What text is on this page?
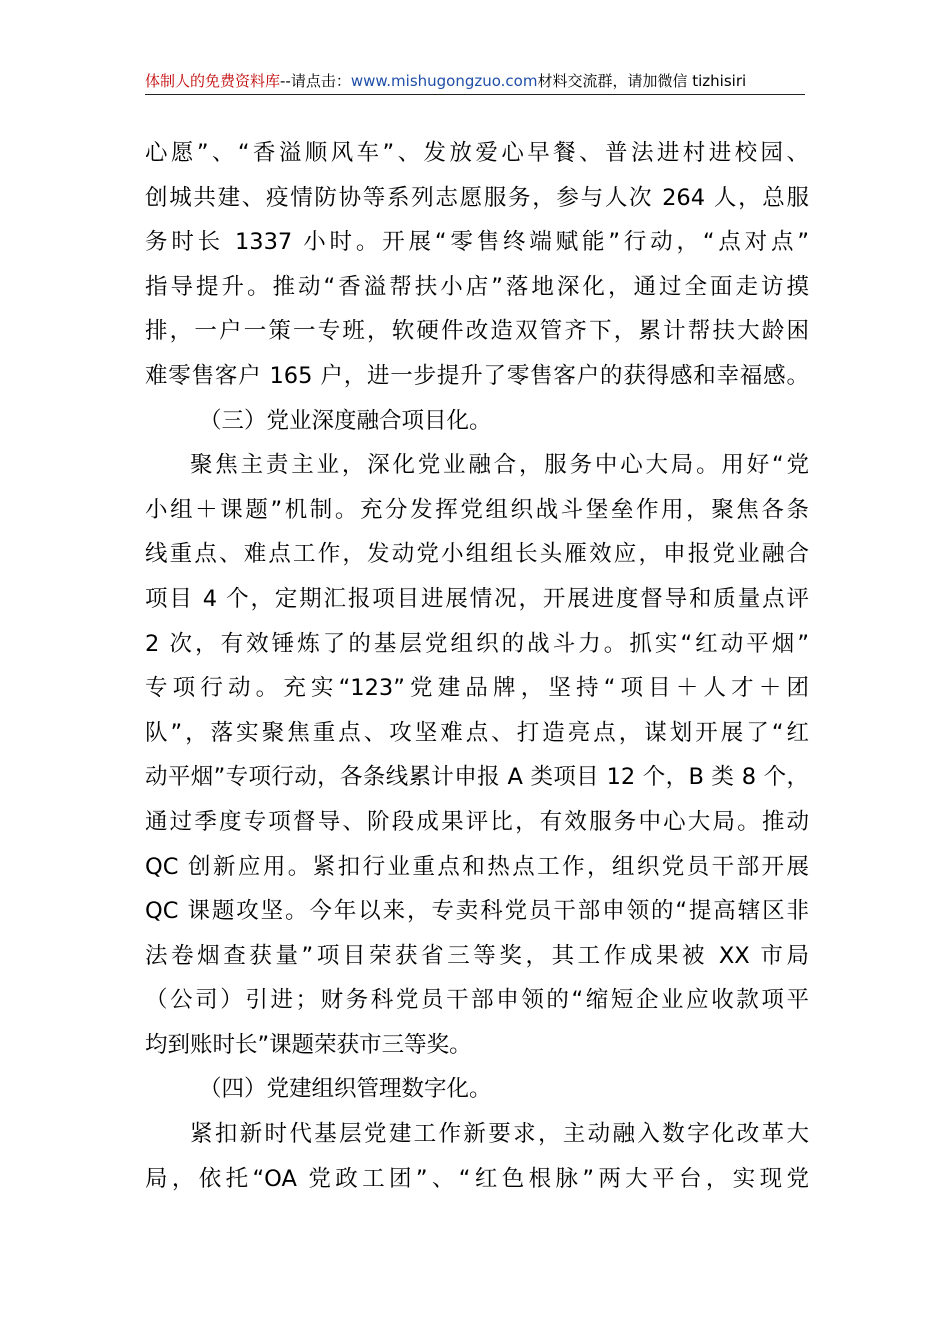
体制人的免费资料库--请点击：www.mishugongzuo.com材料交流群，请加微信 tizhisiri
心愿”、“香溢顺风车”、发放爱心早餐、普法进村进校园、
创城共建、疫情防协等系列志愿服务，参与人次 264 人，总服
务时长 1337 小时。开展“零售终端赋能”行动，“点对点”
指导提升。推动“香溢帮扶小店”落地深化，通过全面走访摸
排，一户一策一专班，软硬件改造双管齐下，累计帮扶大龄困
难零售客户 165 户，进一步提升了零售客户的获得感和幸福感。
（三）党业深度融合项目化。
聚焦主责主业，深化党业融合，服务中心大局。用好“党
小组＋课题”机制。充分发挥党组织战斗堡垒作用，聚焦各条
线重点、难点工作，发动党小组组长头雁效应，申报党业融合
项目 4 个，定期汇报项目进展情况，开展进度督导和质量点评
2 次，有效锤炼了的基层党组织的战斗力。抓实“红动平烟”
专项行动。充实“123”党建品牌，坚持“项目＋人才＋团
队”，落实聚焦重点、攻坚难点、打造亮点，谋划开展了“红
动平烟”专项行动，各条线累计申报 A 类项目 12 个，B 类 8 个，
通过季度专项督导、阶段成果评比，有效服务中心大局。推动
QC 创新应用。紧扣行业重点和热点工作，组织党员干部开展
QC 课题攻坚。今年以来，专卖科党员干部申领的“提高辖区非
法卷烟查获量”项目荣获省三等奖，其工作成果被 XX 市局
（公司）引进；财务科党员干部申领的“缩短企业应收款项平
均到账时长”课题荣获市三等奖。
（四）党建组织管理数字化。
紧扣新时代基层党建工作新要求，主动融入数字化改革大
局，依托“OA 党政工团”、“红色根脉”两大平台，实现党
